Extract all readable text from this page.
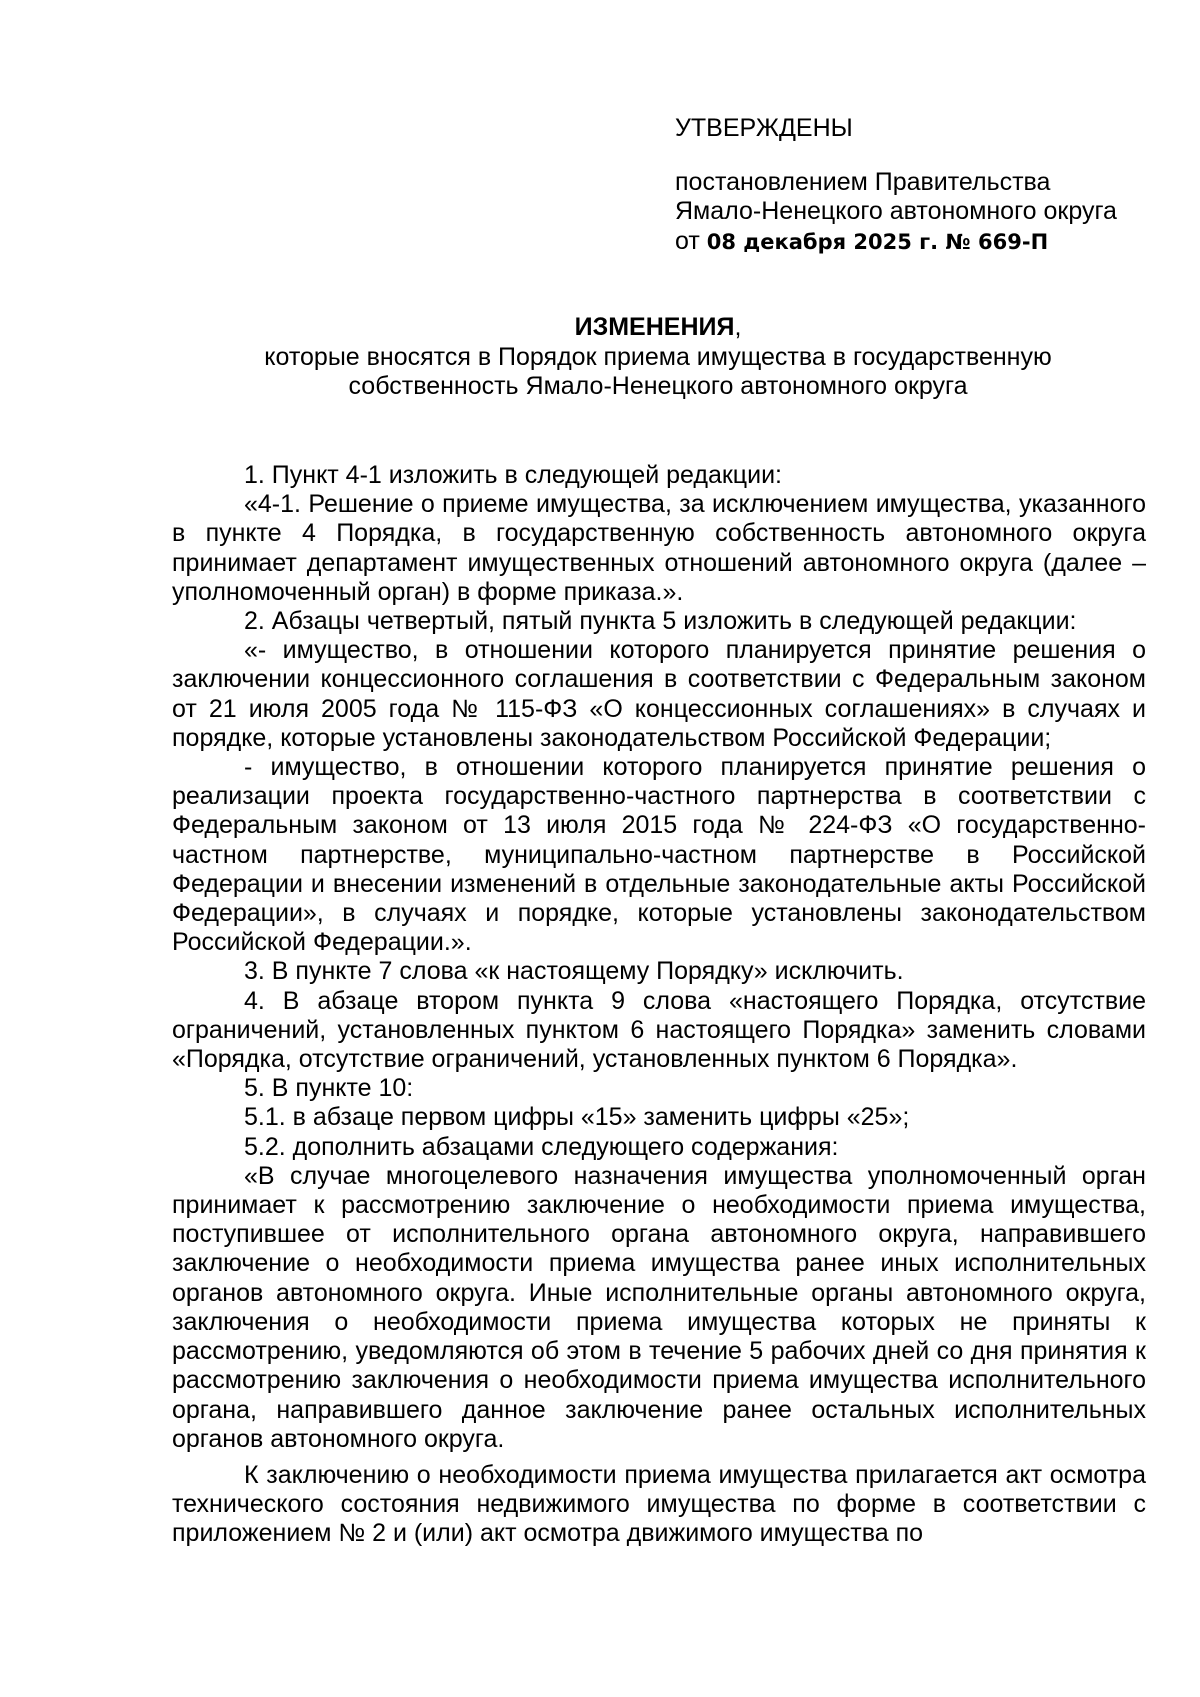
УТВЕРЖДЕНЫ

постановлением Правительства

Ямало-Ненецкого автономного округа

от 08 декабря 2025 г. № 669-П

ИЗМЕНЕНИЯ,

которые вносятся в Порядок приема имущества в государственную

собственность Ямало-Ненецкого автономного округа

1. Пункт 4-1 изложить в следующей редакции:

«4-1. Решение о приеме имущества, за исключением имущества, указанного в пункте 4 Порядка, в государственную собственность автономного округа принимает департамент имущественных отношений автономного округа (далее – уполномоченный орган) в форме приказа.».

2. Абзацы четвертый, пятый пункта 5 изложить в следующей редакции:

«- имущество, в отношении которого планируется принятие решения о заключении концессионного соглашения в соответствии с Федеральным законом от 21 июля 2005 года № 115-ФЗ «О концессионных соглашениях» в случаях и порядке, которые установлены законодательством Российской Федерации;

- имущество, в отношении которого планируется принятие решения о реализации проекта государственно-частного партнерства в соответствии с Федеральным законом от 13 июля 2015 года № 224-ФЗ «О государственно-частном партнерстве, муниципально-частном партнерстве в Российской Федерации и внесении изменений в отдельные законодательные акты Российской Федерации», в случаях и порядке, которые установлены законодательством Российской Федерации.».

3. В пункте 7 слова «к настоящему Порядку» исключить.

4. В абзаце втором пункта 9 слова «настоящего Порядка, отсутствие ограничений, установленных пунктом 6 настоящего Порядка» заменить словами «Порядка, отсутствие ограничений, установленных пунктом 6 Порядка».

5. В пункте 10:

5.1. в абзаце первом цифры «15» заменить цифры «25»;

5.2. дополнить абзацами следующего содержания:

«В случае многоцелевого назначения имущества уполномоченный орган принимает к рассмотрению заключение о необходимости приема имущества, поступившее от исполнительного органа автономного округа, направившего заключение о необходимости приема имущества ранее иных исполнительных органов автономного округа. Иные исполнительные органы автономного округа, заключения о необходимости приема имущества которых не приняты к рассмотрению, уведомляются об этом в течение 5 рабочих дней со дня принятия к рассмотрению заключения о необходимости приема имущества исполнительного органа, направившего данное заключение ранее остальных исполнительных органов автономного округа.

К заключению о необходимости приема имущества прилагается акт осмотра технического состояния недвижимого имущества по форме в соответствии с приложением № 2 и (или) акт осмотра движимого имущества по
